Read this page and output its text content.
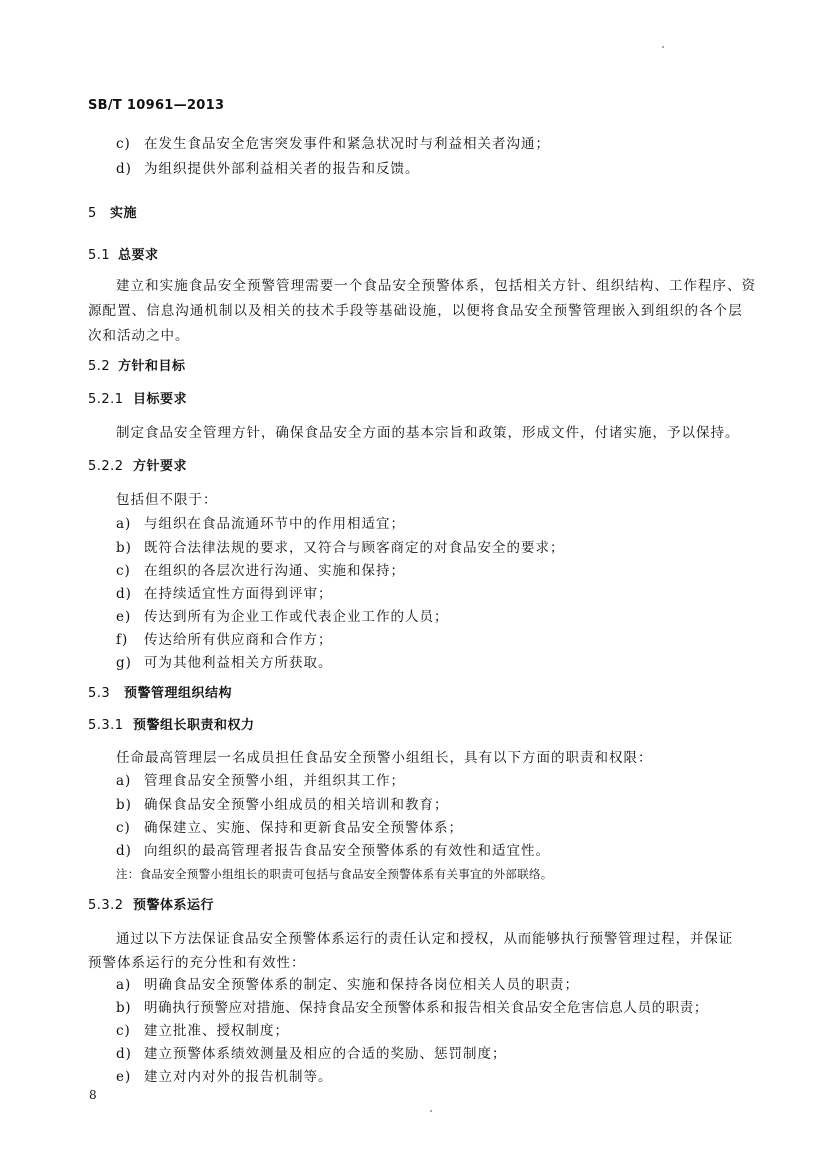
SB/T 10961—2013
c) 在发生食品安全危害突发事件和紧急状况时与利益相关者沟通；
d) 为组织提供外部利益相关者的报告和反馈。
5 实施
5.1 总要求
建立和实施食品安全预警管理需要一个食品安全预警体系，包括相关方针、组织结构、工作程序、资
源配置、信息沟通机制以及相关的技术手段等基础设施，以便将食品安全预警管理嵌入到组织的各个层
次和活动之中。
5.2 方针和目标
5.2.1 目标要求
制定食品安全管理方针，确保食品安全方面的基本宗旨和政策，形成文件，付诸实施，予以保持。
5.2.2 方针要求
包括但不限于：
a) 与组织在食品流通环节中的作用相适宜；
b) 既符合法律法规的要求，又符合与顾客商定的对食品安全的要求；
c) 在组织的各层次进行沟通、实施和保持；
d) 在持续适宜性方面得到评审；
e) 传达到所有为企业工作或代表企业工作的人员；
f) 传达给所有供应商和合作方；
g) 可为其他利益相关方所获取。
5.3 预警管理组织结构
5.3.1 预警组长职责和权力
任命最高管理层一名成员担任食品安全预警小组组长，具有以下方面的职责和权限：
a) 管理食品安全预警小组，并组织其工作；
b) 确保食品安全预警小组成员的相关培训和教育；
c) 确保建立、实施、保持和更新食品安全预警体系；
d) 向组织的最高管理者报告食品安全预警体系的有效性和适宜性。
注：食品安全预警小组组长的职责可包括与食品安全预警体系有关事宜的外部联络。
5.3.2 预警体系运行
通过以下方法保证食品安全预警体系运行的责任认定和授权，从而能够执行预警管理过程，并保证
预警体系运行的充分性和有效性：
a) 明确食品安全预警体系的制定、实施和保持各岗位相关人员的职责；
b) 明确执行预警应对措施、保持食品安全预警体系和报告相关食品安全危害信息人员的职责；
c) 建立批准、授权制度；
d) 建立预警体系绩效测量及相应的合适的奖励、惩罚制度；
e) 建立对内对外的报告机制等。
8
